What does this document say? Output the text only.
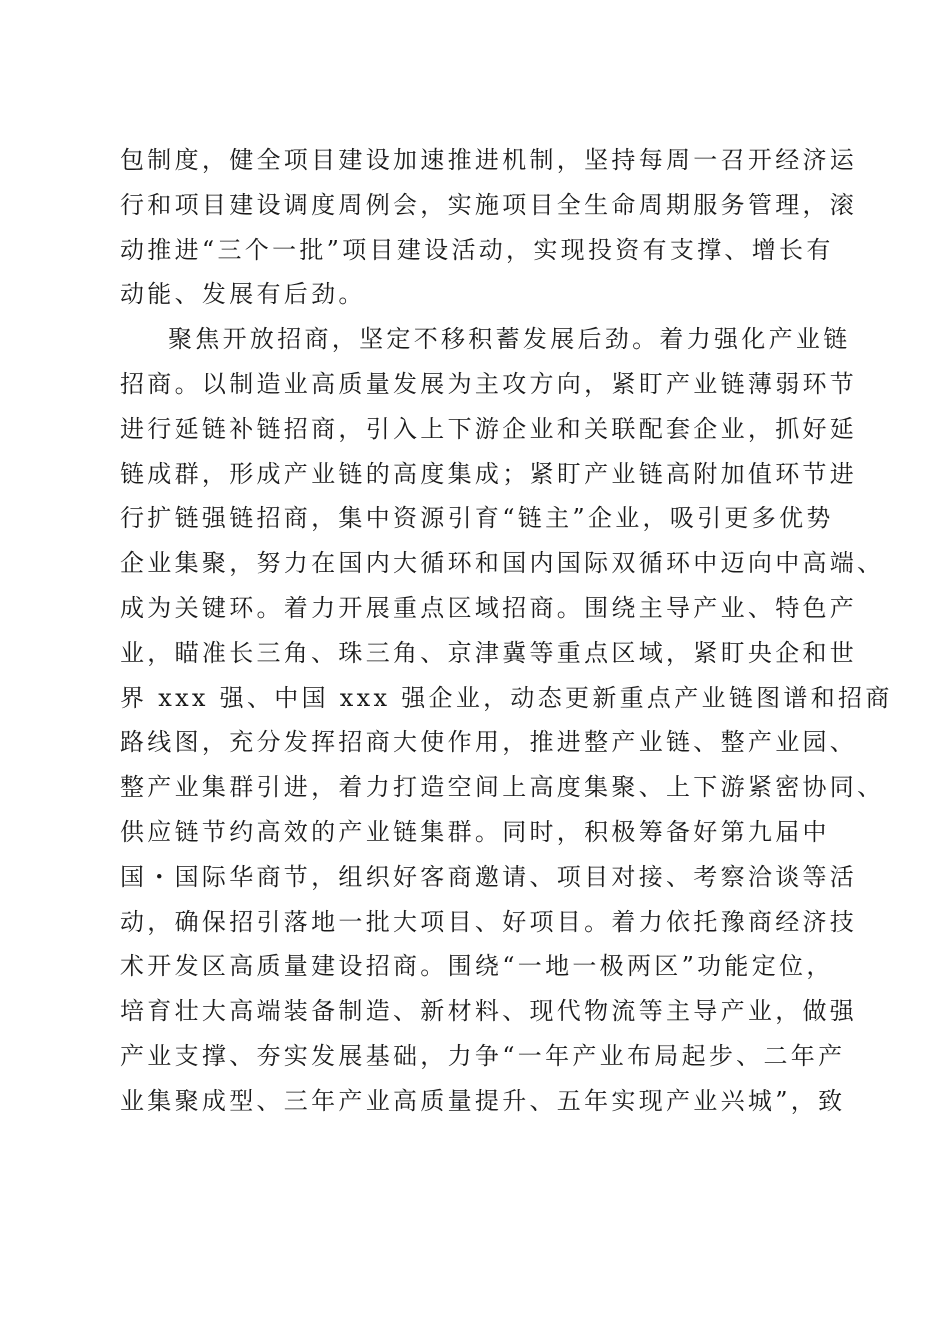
包制度，健全项目建设加速推进机制，坚持每周一召开经济运
行和项目建设调度周例会，实施项目全生命周期服务管理，滚
动推进“三个一批”项目建设活动，实现投资有支撑、增长有
动能、发展有后劲。
聚焦开放招商，坚定不移积蓄发展后劲。着力强化产业链
招商。以制造业高质量发展为主攻方向，紧盯产业链薄弱环节
进行延链补链招商，引入上下游企业和关联配套企业，抓好延
链成群，形成产业链的高度集成；紧盯产业链高附加值环节进
行扩链强链招商，集中资源引育“链主”企业，吸引更多优势
企业集聚，努力在国内大循环和国内国际双循环中迈向中高端、
成为关键环。着力开展重点区域招商。围绕主导产业、特色产
业，瞄准长三角、珠三角、京津冀等重点区域，紧盯央企和世
界 xxx 强、中国 xxx 强企业，动态更新重点产业链图谱和招商
路线图，充分发挥招商大使作用，推进整产业链、整产业园、
整产业集群引进，着力打造空间上高度集聚、上下游紧密协同、
供应链节约高效的产业链集群。同时，积极筹备好第九届中
国・国际华商节，组织好客商邀请、项目对接、考察洽谈等活
动，确保招引落地一批大项目、好项目。着力依托豫商经济技
术开发区高质量建设招商。围绕“一地一极两区”功能定位，
培育壮大高端装备制造、新材料、现代物流等主导产业，做强
产业支撑、夯实发展基础，力争“一年产业布局起步、二年产
业集聚成型、三年产业高质量提升、五年实现产业兴城”，致
